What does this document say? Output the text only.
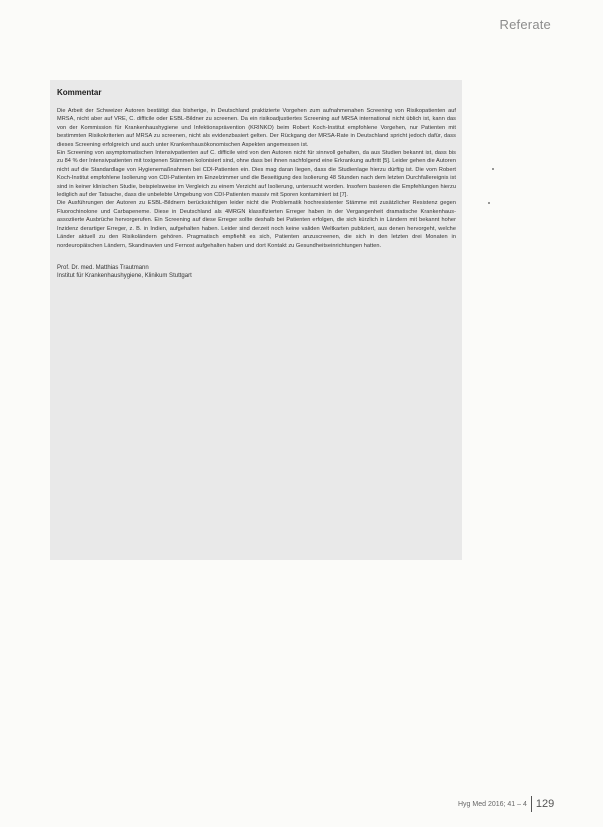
Referate
Kommentar

Die Arbeit der Schweizer Autoren bestätigt das bisherige, in Deutschland praktizierte Vorgehen zum aufnahmenahen Screening von Risikopatienten auf MRSA, nicht aber auf VRE, C. difficile oder ESBL-Bildner zu screenen. Da ein risikoadjustiertes Screening auf MRSA international nicht üblich ist, kann das von der Kommission für Krankenhaushygiene und Infektionsprävention (KRINKO) beim Robert Koch-Institut empfohlene Vorgehen, nur Patienten mit bestimmten Risikokriterien auf MRSA zu screenen, nicht als evidenzbasiert gelten. Der Rückgang der MRSA-Rate in Deutschland spricht jedoch dafür, dass dieses Screening erfolgreich und auch unter Krankenhausökonomischen Aspekten angemessen ist.

Ein Screening von asymptomatischen Intensivpatienten auf C. difficile wird von den Autoren nicht für sinnvoll gehalten, da aus Studien bekannt ist, dass bis zu 84 % der Intensivpatienten mit toxigenen Stämmen kolonisiert sind, ohne dass bei ihnen nachfolgend eine Erkrankung auftritt [5]. Leider gehen die Autoren nicht auf die Standardlage von Hygienemaßnahmen bei CDI-Patienten ein. Dies mag daran liegen, dass die Studienlage hierzu dürftig ist. Die vom Robert Koch-Institut empfohlene Isolierung von CDI-Patienten im Einzelzimmer und die Beseitigung des Isolierung 48 Stunden nach dem letzten Durchfallereignis ist sind in keiner klinischen Studie, beispielsweise im Vergleich zu einem Verzicht auf Isolierung, untersucht worden. Insofern basieren die Empfehlungen hierzu lediglich auf der Tatsache, dass die unbelebte Umgebung von CDI-Patienten massiv mit Sporen kontaminiert ist [7].

Die Ausführungen der Autoren zu ESBL-Bildnern berücksichtigen leider nicht die Problematik hochresistenter Stämme mit zusätzlicher Resistenz gegen Fluorochinolone und Carbapeneme. Diese in Deutschland als 4MRGN klassifizierten Erreger haben in der Vergangenheit dramatische Krankenhaus-assoziierte Ausbrüche hervorgerufen. Ein Screening auf diese Erreger sollte deshalb bei Patienten erfolgen, die sich kürzlich in Ländern mit bekannt hoher Inzidenz derartiger Erreger, z. B. in Indien, aufgehalten haben. Leider sind derzeit noch keine validen Weltkarten publiziert, aus denen hervorgeht, welche Länder aktuell zu den Risikoländern gehören. Pragmatisch empfiehlt es sich, Patienten anzuscreenen, die sich in den letzten drei Monaten in nordeuropäischen Ländern, Skandinavien und Fernost aufgehalten haben und dort Kontakt zu Gesundheitseinrichtungen hatten.

Prof. Dr. med. Matthias Trautmann
Institut für Krankenhaushygiene, Klinikum Stuttgart
Hyg Med 2016; 41 – 4 129
